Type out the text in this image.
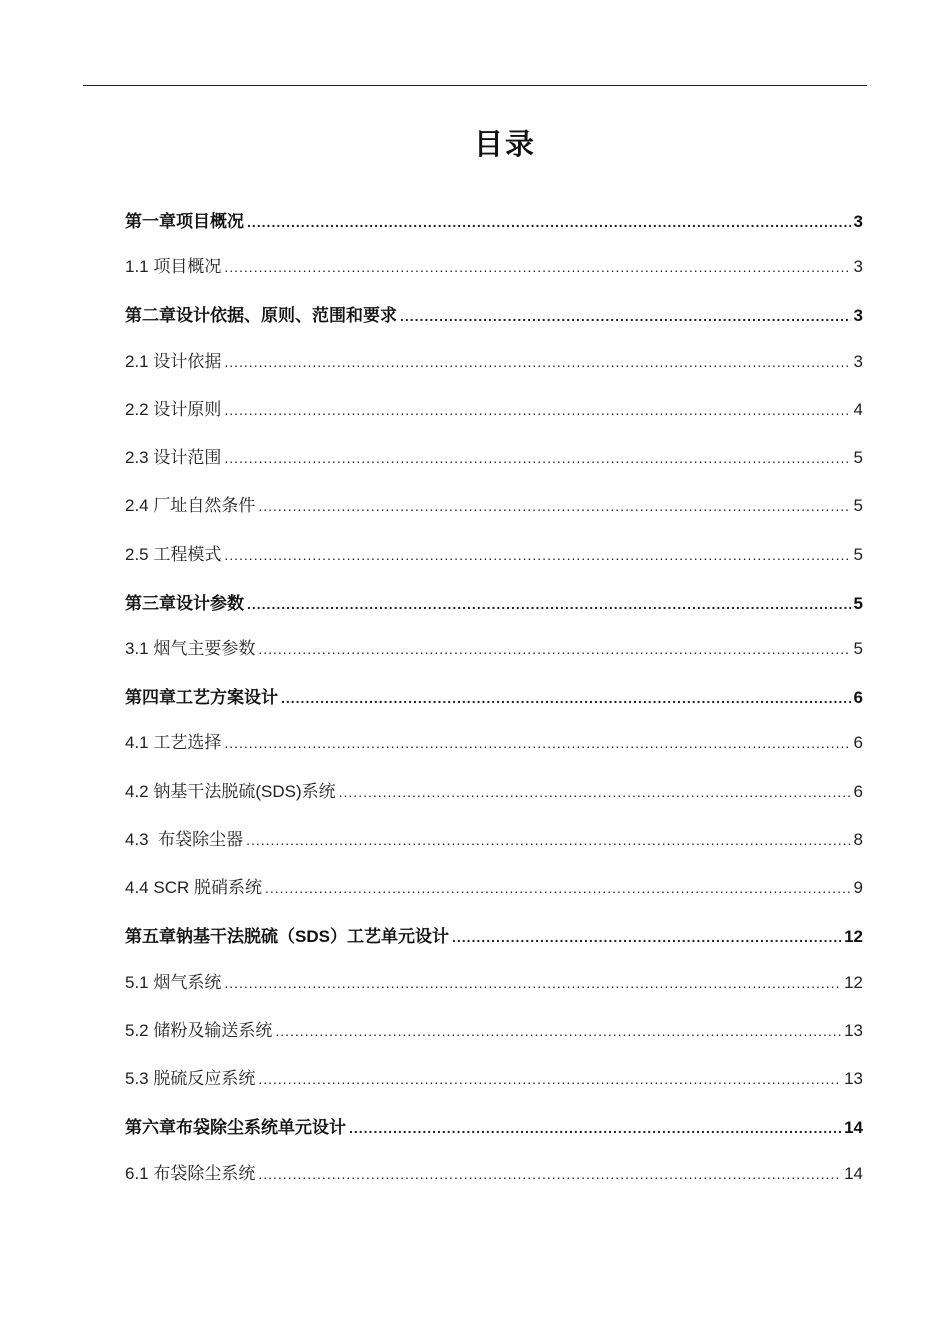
目录
第一章项目概况 .....	3
1.1 项目概况 .....	3
第二章设计依据、原则、范围和要求 .....	3
2.1 设计依据 .....	3
2.2 设计原则 .....	4
2.3 设计范围 .....	5
2.4 厂址自然条件 .....	5
2.5 工程模式 .....	5
第三章设计参数 .....	5
3.1 烟气主要参数 .....	5
第四章工艺方案设计 .....	6
4.1 工艺选择 .....	6
4.2 钠基干法脱硫(SDS)系统 .....	6
4.3  布袋除尘器 .....	8
4.4 SCR 脱硝系统 .....	9
第五章钠基干法脱硫（SDS）工艺单元设计 .....	12
5.1 烟气系统 .....	12
5.2 储粉及输送系统 .....	13
5.3 脱硫反应系统 .....	13
第六章布袋除尘系统单元设计 .....	14
6.1 布袋除尘系统 .....	14
